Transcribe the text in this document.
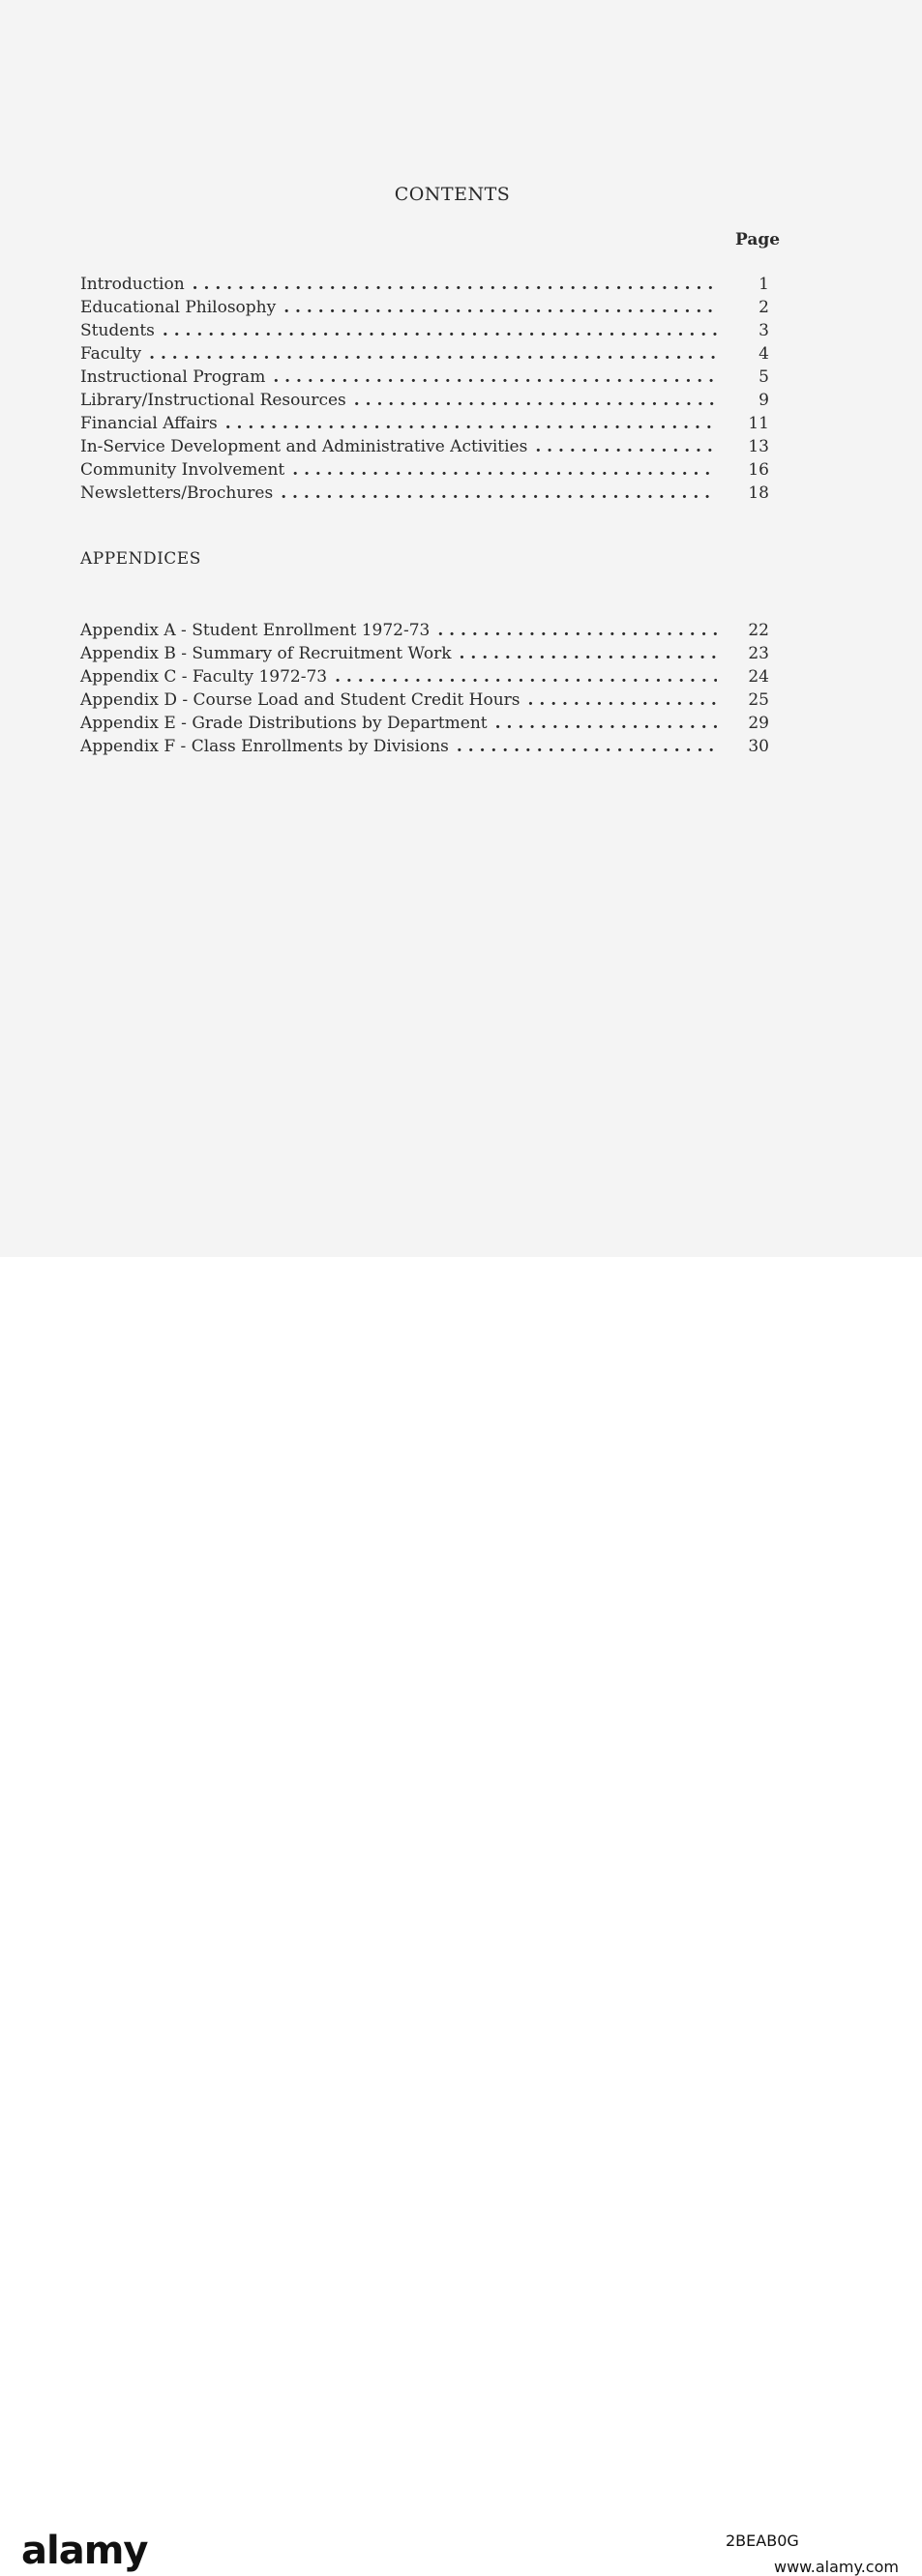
CONTENTS
Page
Introduction . . .	1
Educational Philosophy . . .	2
Students . . .	3
Faculty . . .	4
Instructional Program . . .	5
Library/Instructional Resources . . .	9
Financial Affairs . . .	11
In-Service Development and Administrative Activities . . .	13
Community Involvement . . .	16
Newsletters/Brochures . . .	18
APPENDICES
Appendix A - Student Enrollment 1972-73 . . .	22
Appendix B - Summary of Recruitment Work . . .	23
Appendix C - Faculty 1972-73 . . .	24
Appendix D - Course Load and Student Credit Hours . . .	25
Appendix E - Grade Distributions by Department . . .	29
Appendix F - Class Enrollments by Divisions . . .	30
alamy	2BEAB0G
www.alamy.com
